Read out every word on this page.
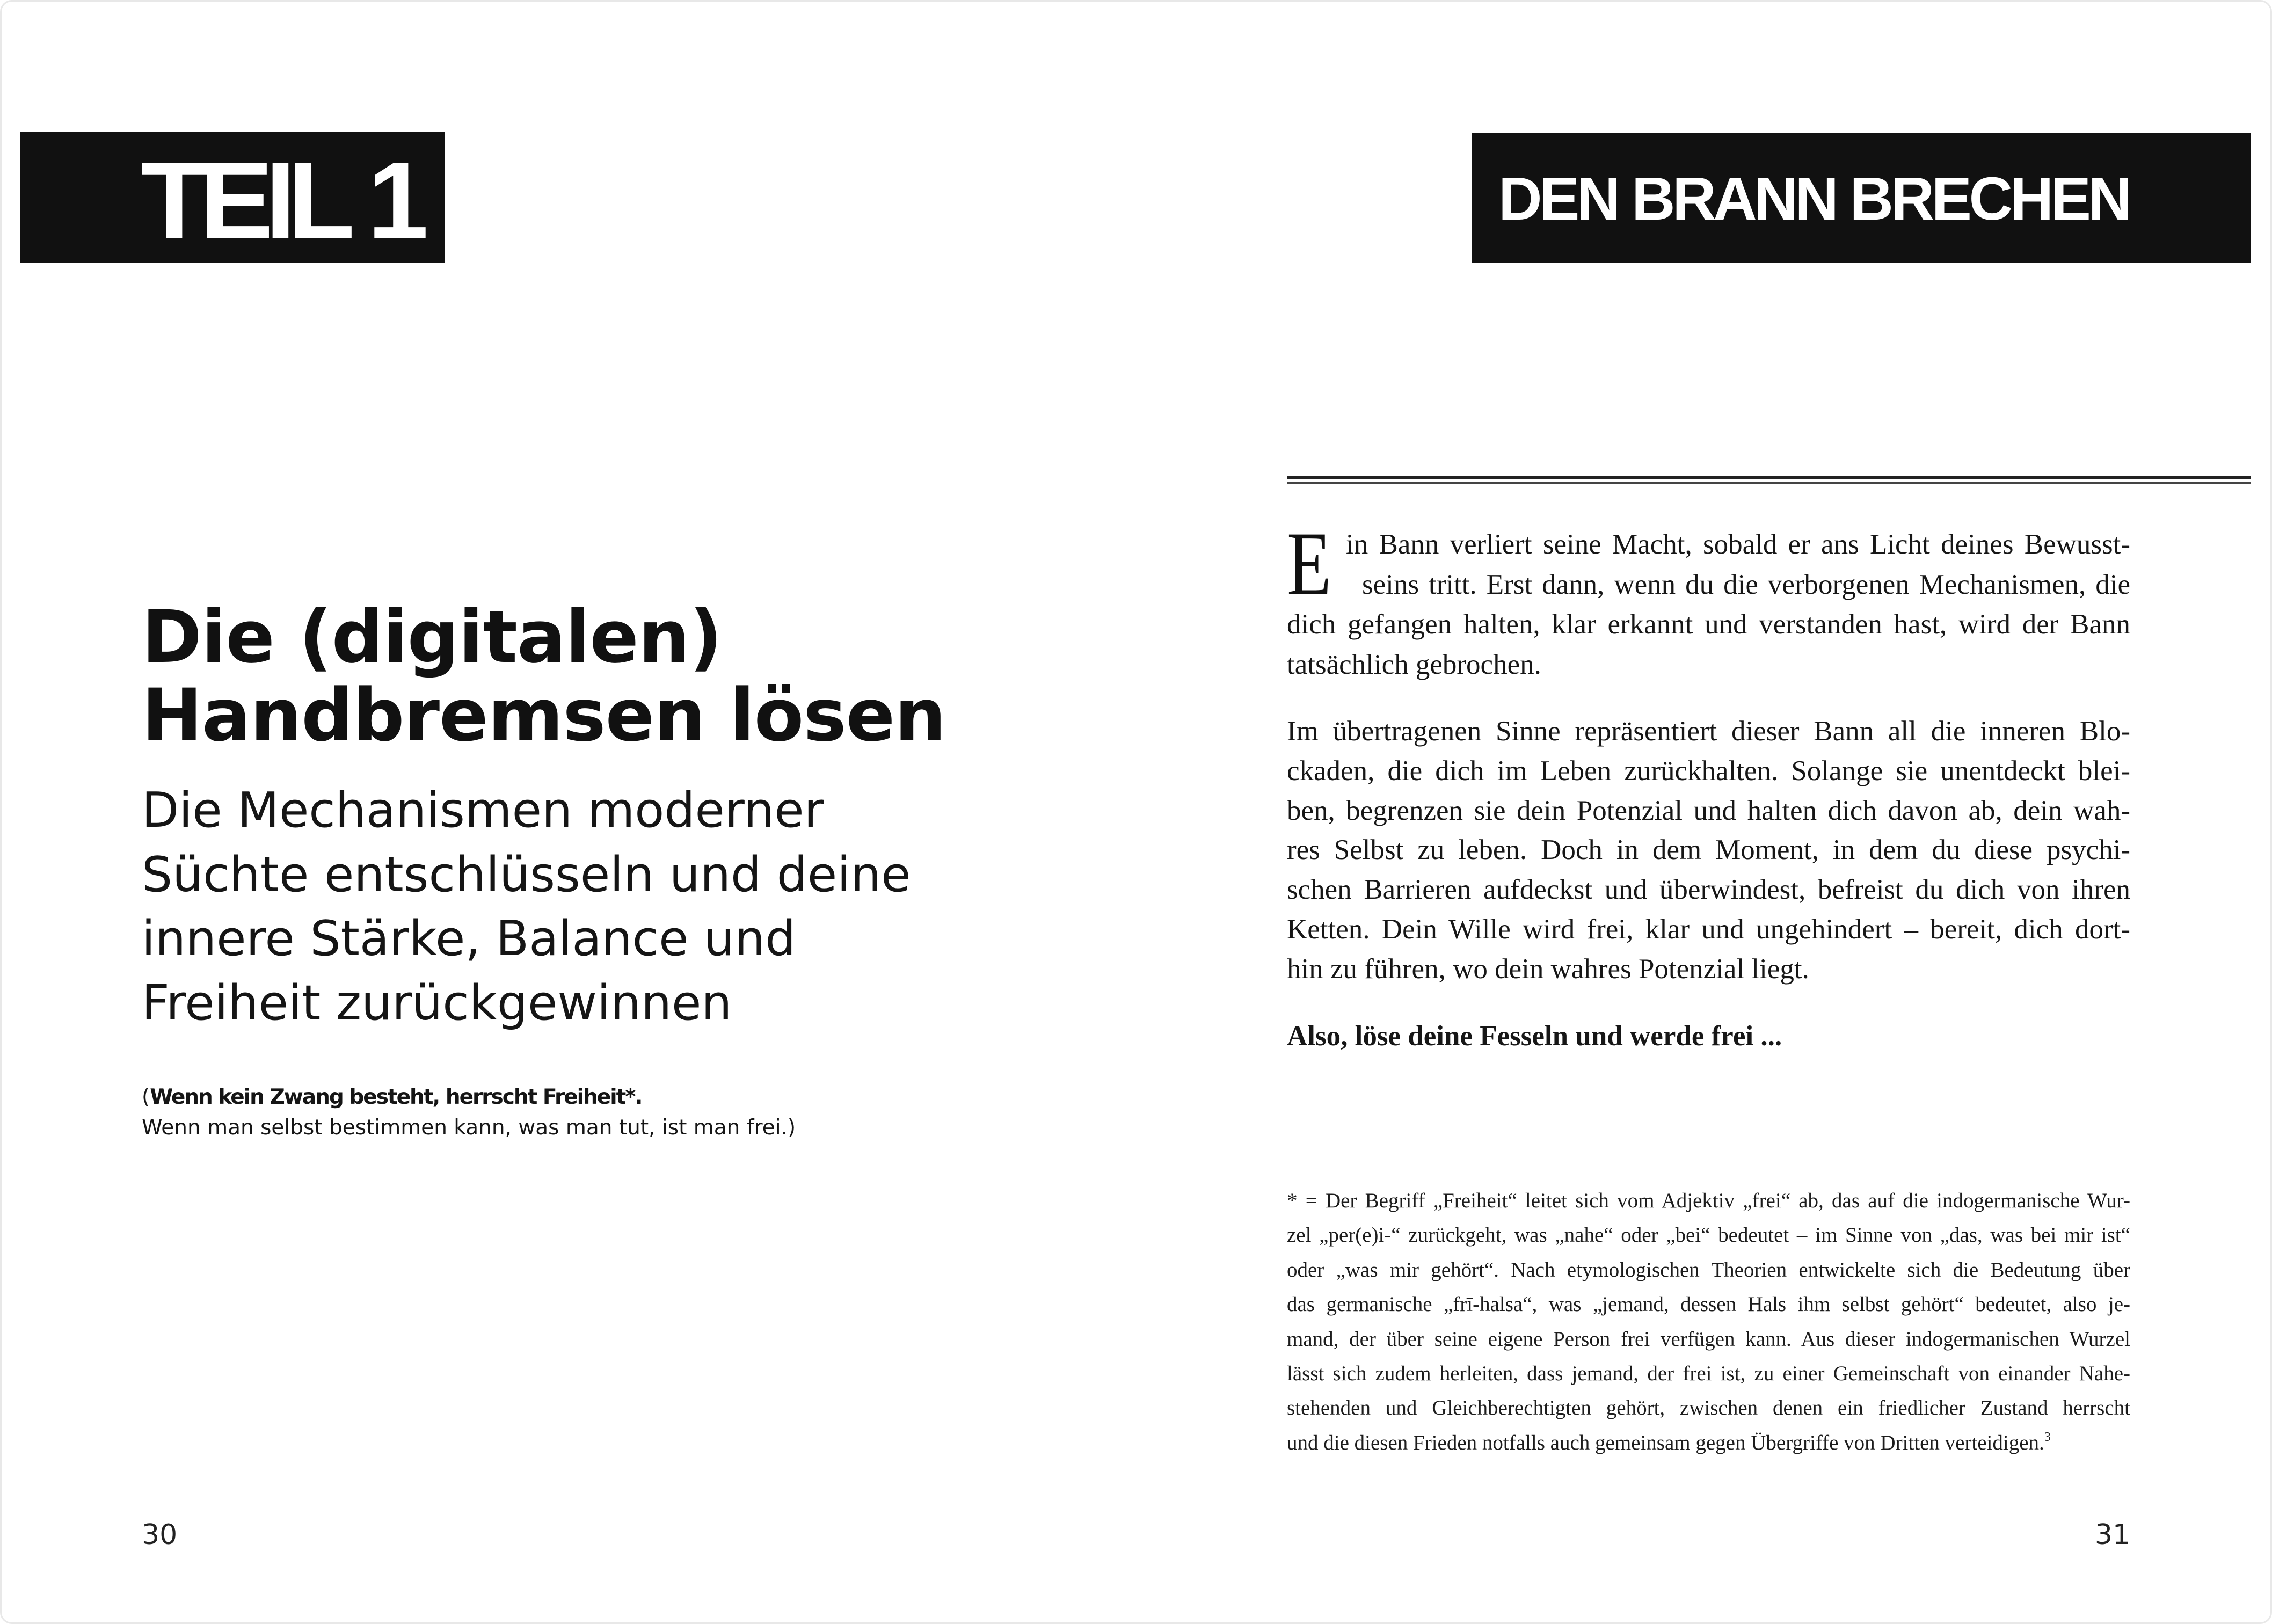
TEIL 1
Die (digitalen)
Handbremsen lösen
Die Mechanismen moderner
Süchte entschlüsseln und deine
innere Stärke, Balance und
Freiheit zurückgewinnen
(Wenn kein Zwang besteht, herrscht Freiheit*.
Wenn man selbst bestimmen kann, was man tut, ist man frei.)
30
DEN BRANN BRECHEN
E in Bann verliert seine Macht, sobald er ans Licht deines Bewusst-
seins tritt. Erst dann, wenn du die verborgenen Mechanismen, die
dich gefangen halten, klar erkannt und verstanden hast, wird der Bann
tatsächlich gebrochen.
Im übertragenen Sinne repräsentiert dieser Bann all die inneren Blo-
ckaden, die dich im Leben zurückhalten. Solange sie unentdeckt blei-
ben, begrenzen sie dein Potenzial und halten dich davon ab, dein wah-
res Selbst zu leben. Doch in dem Moment, in dem du diese psychi-
schen Barrieren aufdeckst und überwindest, befreist du dich von ihren
Ketten. Dein Wille wird frei, klar und ungehindert – bereit, dich dort-
hin zu führen, wo dein wahres Potenzial liegt.
Also, löse deine Fesseln und werde frei ...
* = Der Begriff „Freiheit“ leitet sich vom Adjektiv „frei“ ab, das auf die indogermanische Wur-
zel „per(e)i-“ zurückgeht, was „nahe“ oder „bei“ bedeutet – im Sinne von „das, was bei mir ist“
oder „was mir gehört“. Nach etymologischen Theorien entwickelte sich die Bedeutung über
das germanische „frī-halsa“, was „jemand, dessen Hals ihm selbst gehört“ bedeutet, also je-
mand, der über seine eigene Person frei verfügen kann. Aus dieser indogermanischen Wurzel
lässt sich zudem herleiten, dass jemand, der frei ist, zu einer Gemeinschaft von einander Nahe-
stehenden und Gleichberechtigten gehört, zwischen denen ein friedlicher Zustand herrscht
und die diesen Frieden notfalls auch gemeinsam gegen Übergriffe von Dritten verteidigen.$^3$
31
